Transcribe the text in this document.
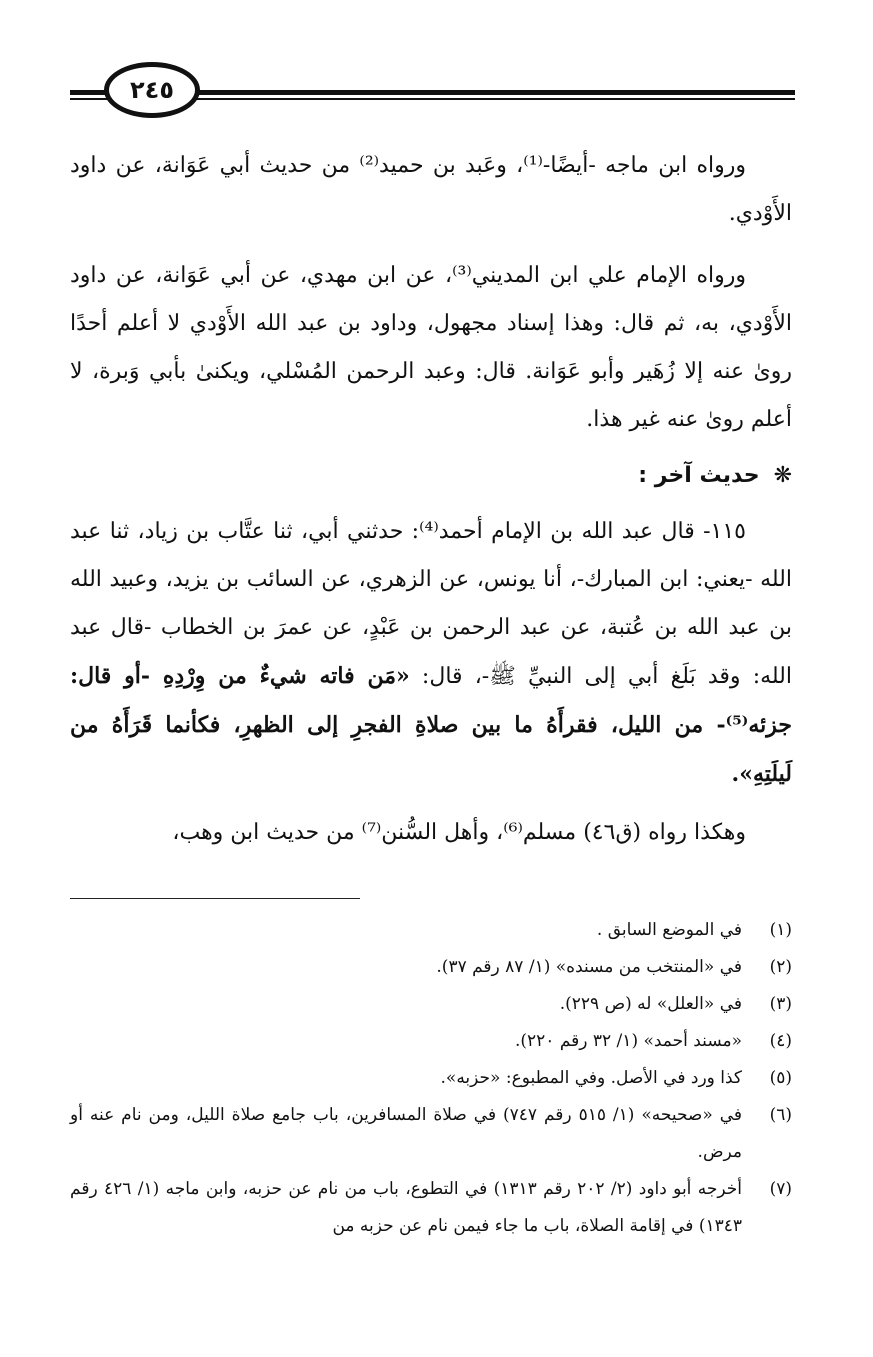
٢٤٥

ورواه ابن ماجه -أيضًا-⁽¹⁾، وعَبد بن حميد⁽²⁾ من حديث أبي عَوَانة، عن داود الأَوْدي.

ورواه الإمام علي ابن المديني⁽³⁾، عن ابن مهدي، عن أبي عَوَانة، عن داود الأَوْدي، به، ثم قال: وهذا إسناد مجهول، وداود بن عبد الله الأَوْدي لا أعلم أحدًا روىٰ عنه إلا زُهَير وأبو عَوَانة. قال: وعبد الرحمن المُسْلي، ويكنىٰ بأبي وَبرة، لا أعلم روىٰ عنه غير هذا.

❋حديث آخر :

١١٥- قال عبد الله بن الإمام أحمد⁽⁴⁾: حدثني أبي، ثنا عتَّاب بن زياد، ثنا عبد الله -يعني: ابن المبارك-، أنا يونس، عن الزهري، عن السائب بن يزيد، وعبيد الله بن عبد الله بن عُتبة، عن عبد الرحمن بن عَبْدٍ، عن عمرَ بن الخطاب -قال عبد الله: وقد بَلَغ أبي إلى النبيِّ ﷺ-، قال: «مَن فاته شيءٌ من وِرْدِهِ -أو قال: جزئه⁽⁵⁾- من الليل، فقرأَهُ ما بين صلاةِ الفجرِ إلى الظهرِ، فكأنما قَرَأَهُ من لَيلَتِهِ».

وهكذا رواه (ق٤٦) مسلم⁽⁶⁾، وأهل السُّنن⁽⁷⁾ من حديث ابن وهب،

(١)
في الموضع السابق .
(٢)
في «المنتخب من مسنده» (١/ ٨٧ رقم ٣٧).
(٣)
في «العلل» له (ص ٢٢٩).
(٤)
«مسند أحمد» (١/ ٣٢ رقم ٢٢٠).
(٥)
كذا ورد في الأصل. وفي المطبوع: «حزبه».
(٦)
في «صحيحه» (١/ ٥١٥ رقم ٧٤٧) في صلاة المسافرين، باب جامع صلاة الليل، ومن نام عنه أو مرض.
(٧)
أخرجه أبو داود (٢/ ٢٠٢ رقم ١٣١٣) في التطوع، باب من نام عن حزبه، وابن ماجه (١/ ٤٢٦ رقم ١٣٤٣) في إقامة الصلاة، باب ما جاء فيمن نام عن حزبه من
